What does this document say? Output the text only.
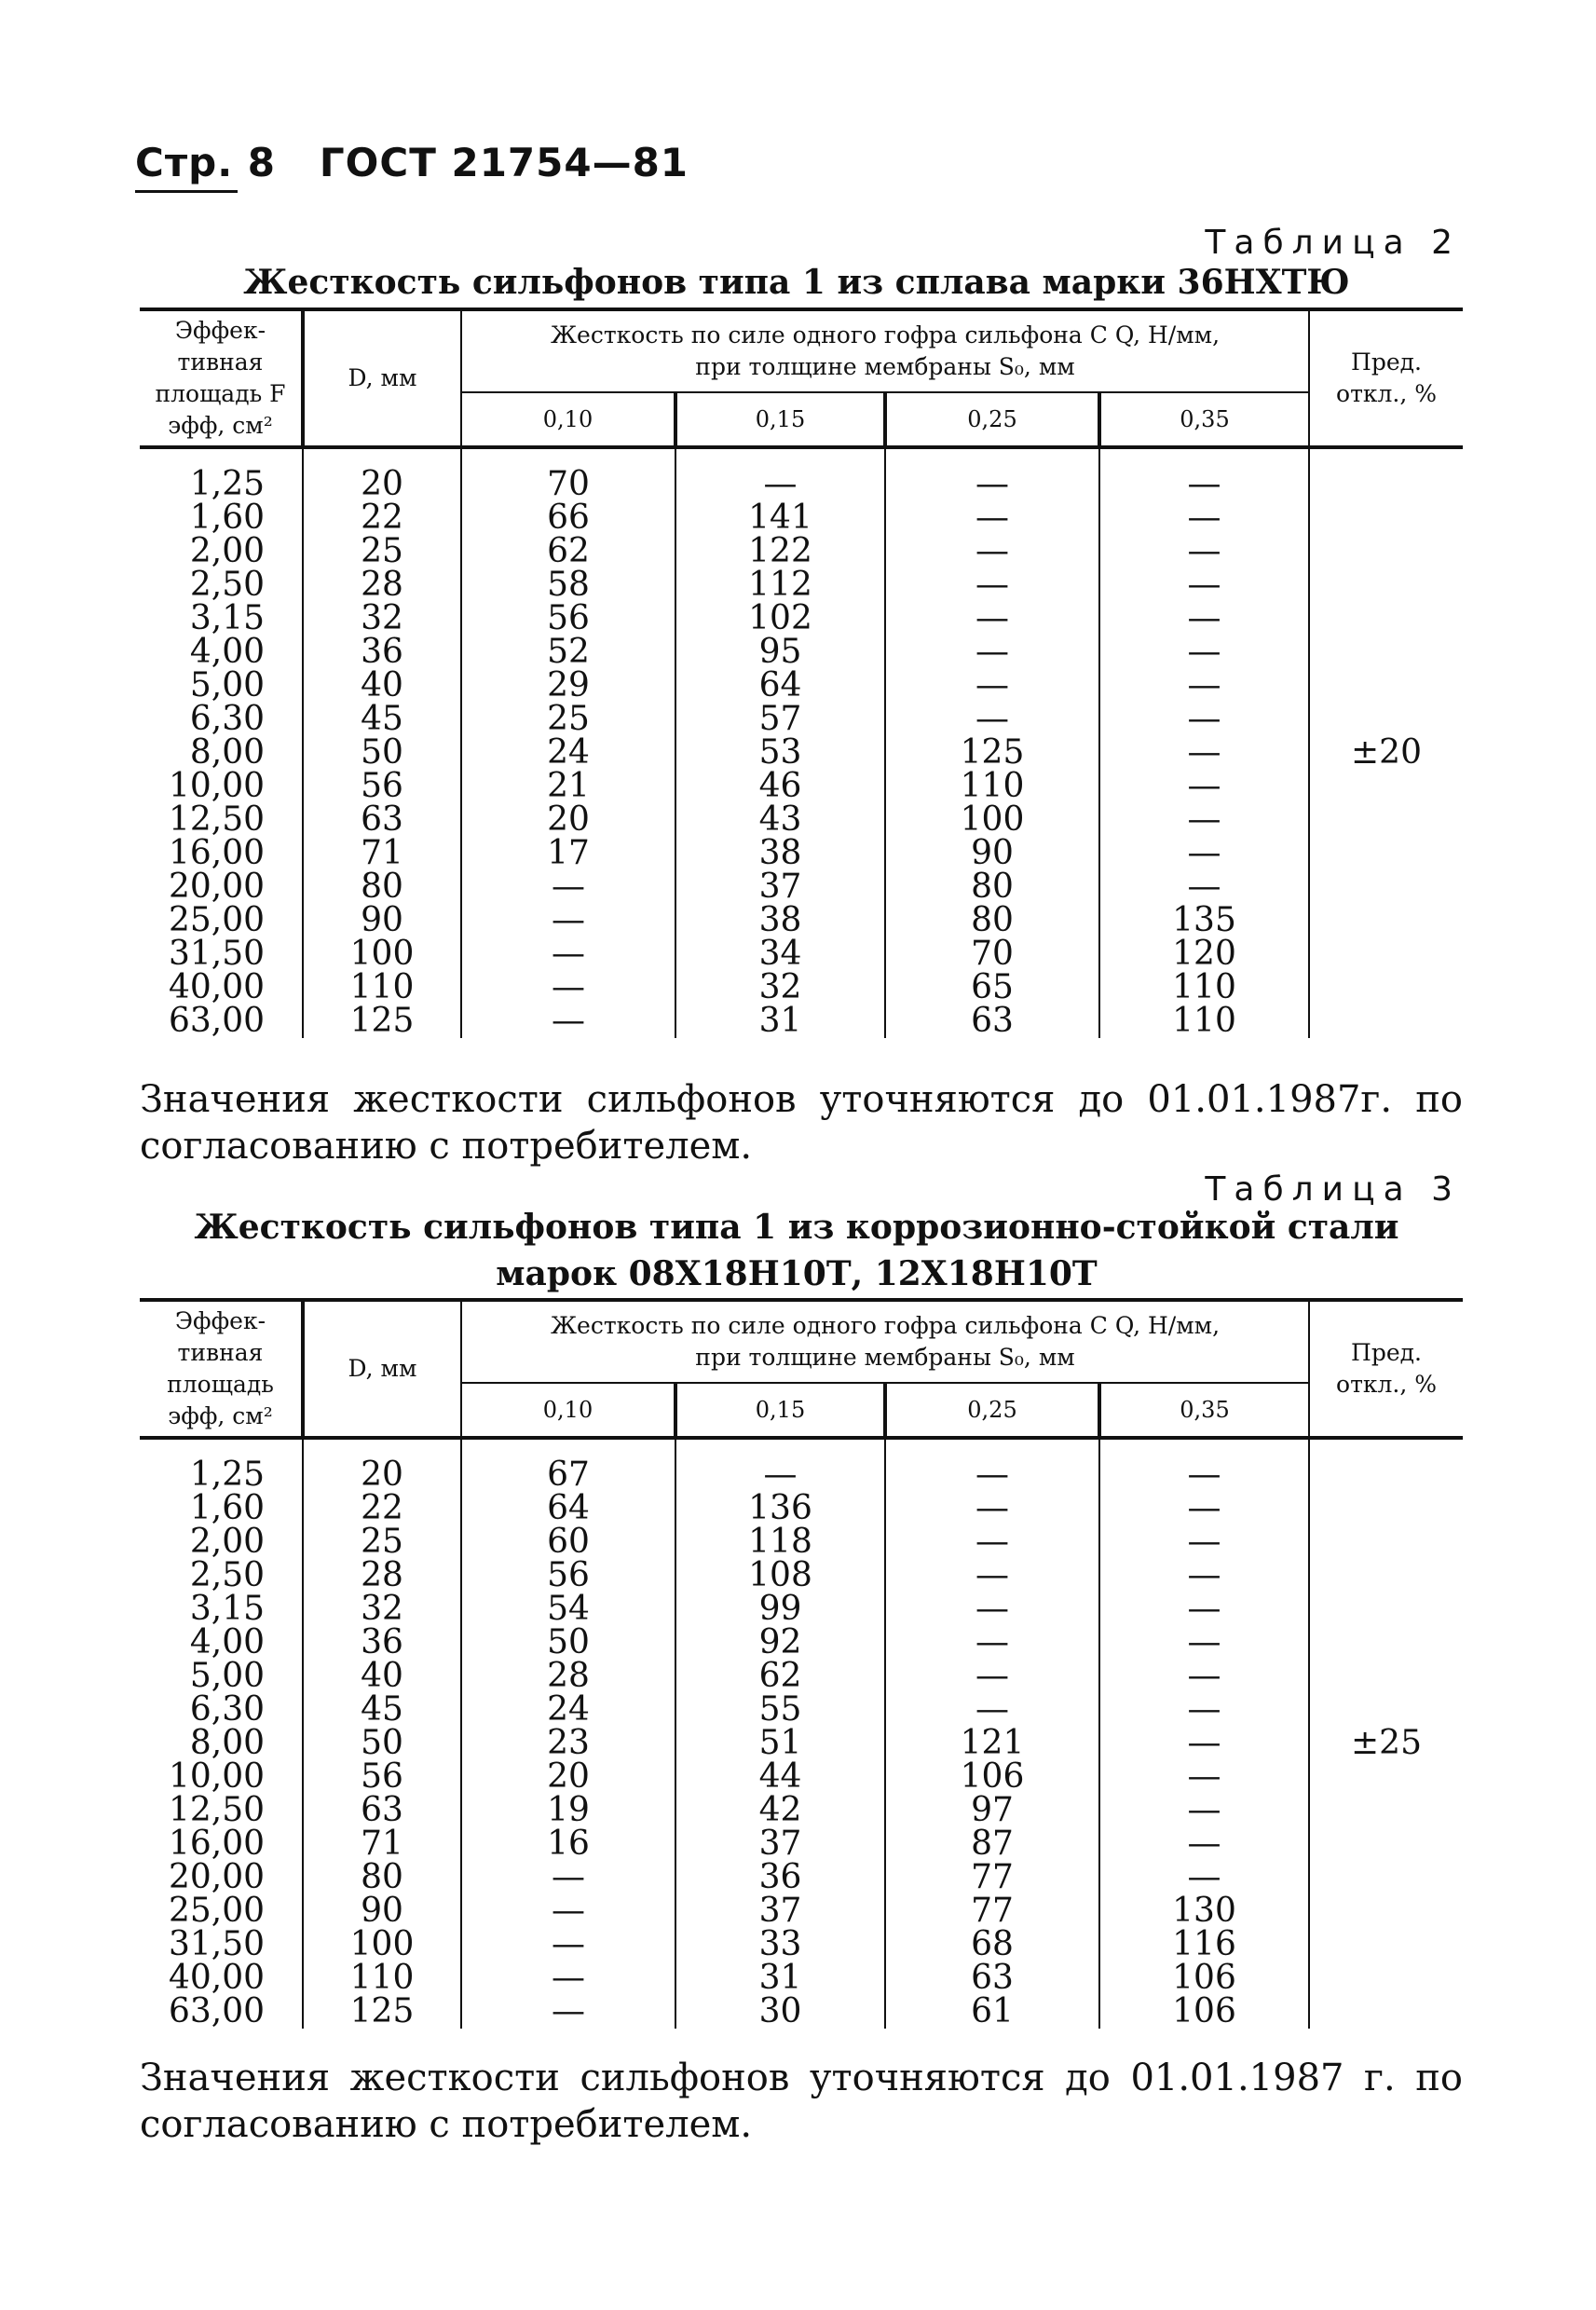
Стр. 8 ГОСТ 21754—81
Таблица 2
Жесткость сильфонов типа 1 из сплава марки 36НХТЮ
Эффективная площадь F эфф, см²	D, мм	Жесткость по силе одного гофра сильфона C Q, Н/мм,
при толщине мембраны S₀, мм				Пред. откл., %
		0,10	0,15	0,25	0,35	
1,25	20	70	—	—	—	±20
1,60	22	66	141	—	—	
2,00	25	62	122	—	—	
2,50	28	58	112	—	—	
3,15	32	56	102	—	—	
4,00	36	52	95	—	—	
5,00	40	29	64	—	—	
6,30	45	25	57	—	—	
8,00	50	24	53	125	—	
10,00	56	21	46	110	—	
12,50	63	20	43	100	—	
16,00	71	17	38	90	—	
20,00	80	—	37	80	—	
25,00	90	—	38	80	135	
31,50	100	—	34	70	120	
40,00	110	—	32	65	110	
63,00	125	—	31	63	110	
Значения жесткости сильфонов уточняются до 01.01.1987г. по согласованию с потребителем.
Таблица 3
Жесткость сильфонов типа 1 из коррозионно-стойкой стали
марок 08Х18Н10Т, 12Х18Н10Т
Эффективная площадь эфф, см²	D, мм	Жесткость по силе одного гофра сильфона C Q, Н/мм,
при толщине мембраны S₀, мм				Пред. откл., %
		0,10	0,15	0,25	0,35	
1,25	20	67	—	—	—	±25
1,60	22	64	136	—	—	
2,00	25	60	118	—	—	
2,50	28	56	108	—	—	
3,15	32	54	99	—	—	
4,00	36	50	92	—	—	
5,00	40	28	62	—	—	
6,30	45	24	55	—	—	
8,00	50	23	51	121	—	
10,00	56	20	44	106	—	
12,50	63	19	42	97	—	
16,00	71	16	37	87	—	
20,00	80	—	36	77	—	
25,00	90	—	37	77	130	
31,50	100	—	33	68	116	
40,00	110	—	31	63	106	
63,00	125	—	30	61	106	
Значения жесткости сильфонов уточняются до 01.01.1987 г. по согласованию с потребителем.
